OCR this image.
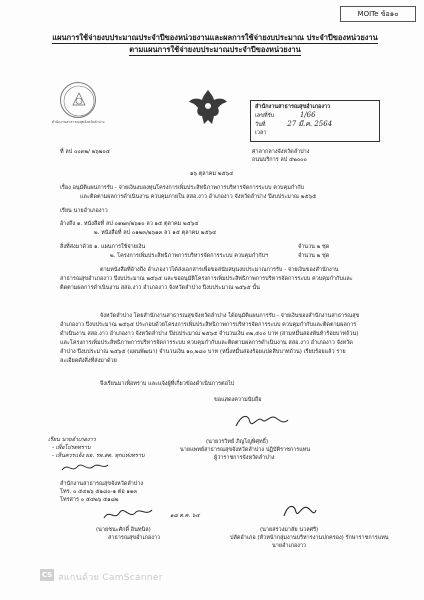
MOITe ข้อ๑๐
แผนการใช้จ่ายงบประมาณประจำปีของหน่วยงานและผลการใช้จ่ายงบประมาณ ประจำปีของหน่วยงาน
ตามแผนการใช้จ่ายงบประมาณประจำปีของหน่วยงาน
สำนักงานสาธารณสุขจังหวัดลำปาง
สำนักงานสาธารณสุขอำเภองาว
เลขที่รับ	1/66
วันที่	27 มี.ค. 2564
เวลา
ที่ ลป ๐๐๓๒/ ๒๖๒๐๔	ศาลากลางจังหวัดลำปาง
ถนนบริการ ลป ๕๒๐๐๐
๑๖ ตุลาคม ๒๕๖๔
เรื่อง อนุมัติแผนการรับ - จ่ายเงินงบลงทุนโครงการเพิ่มประสิทธิภาพการบริหารจัดการระบบ ควบคุมกำกับ
และติดตามผลการดำเนินงาน ควบคุมภายใน สสอ.งาว อำเภองาว จังหวัดลำปาง ปีงบประมาณ ๒๕๖๕
เรียน นายอำเภองาว
อ้างถึง ๑. หนังสือที่ ลป ๐๑๒๓/๒๖๑๐ ลว ๑๕ ตุลาคม ๒๕๖๔
๒. หนังสือที่ ลป ๐๑๒๓/๒๖๑๓ ลว ๑๕ ตุลาคม ๒๕๖๔
สิ่งที่ส่งมาด้วย ๑. แผนการใช้จ่ายเงิน	จำนวน ๒ ชุด
๒. โครงการเพิ่มประสิทธิภาพการบริหารจัดการระบบ ควบคุมกำกับฯ	จำนวน ๒ ชุด
ตามหนังสือที่อ้างถึง อำเภองาวได้ส่งเอกสารเพื่อขอสนับสนุนงบประมาณการรับ - จ่ายเงินของสำนักงานสาธารณสุขอำเภองาว ปีงบประมาณ ๒๕๖๕ และขออนุมัติโครงการเพิ่มประสิทธิภาพการบริหารจัดการระบบ ควบคุมกำกับและติดตามผลการดำเนินงาน สสอ.งาว อำเภองาว จังหวัดลำปาง ปีงบประมาณ ๒๕๖๕ นั้น
จังหวัดลำปาง โดยสำนักงานสาธารณสุขจังหวัดลำปาง ได้อนุมัติแผนการรับ - จ่ายเงินของสำนักงานสาธารณสุขอำเภองาว ปีงบประมาณ ๒๕๖๕ ประกอบด้วยโครงการเพิ่มประสิทธิภาพการบริหารจัดการระบบ ควบคุมกำกับและติดตามผลการดำเนินงาน สสอ.งาว อำเภองาว จังหวัดลำปาง ปีงบประมาณ ๒๕๖๕ จำนวนเงิน ๓๒,๕๐๐ บาท (สามหมื่นสองพันห้าร้อยบาทถ้วน) และโครงการเพิ่มประสิทธิภาพการบริหารจัดการระบบ ควบคุมกำกับและติดตามผลการดำเนินงาน สสอ.งาว อำเภองาว จังหวัดลำปาง ปีงบประมาณ ๒๕๖๕ (แผนพัฒนา) จำนวนเงิน ๑๐,๒๘๐ บาท (หนึ่งหมื่นสองร้อยแปดสิบบาทถ้วน) เรียบร้อยแล้ว รายละเอียดดังสิ่งที่ส่งมาด้วย
จึงเรียนมาเพื่อทราบ และแจ้งผู้ที่เกี่ยวข้องดำเนินการต่อไป
ขอแสดงความนับถือ
(นายวรวิทย์ ภิญโญพิศุทธิ์)
นายแพทย์สาธารณสุขจังหวัดลำปาง ปฏิบัติราชการแทน
ผู้ว่าราชการจังหวัดลำปาง
เรียน นายอำเภองาว
- เพื่อโปรดทราบ
- เห็นควรแจ้ง ผอ. รพ.สต. ทุกแห่งทราบ
สำนักงานสาธารณสุขจังหวัดลำปาง
โทร. ๐ ๕๔๒๖ ๕๑๘๐-๑ ต่อ ๑๑๓
โทรสาร ๐ ๕๔๒๖ ๕๑๘๒
๑๘ ต.ค. ๖๔
(นายชนะศักดิ์ อินทนิล)
สาธารณสุขอำเภองาว
(นายสรวงมาลัย นวลศรี)
ปลัดอำเภอ (หัวหน้ากลุ่มงานบริหารงานปกครอง) รักษาราชการแทน
นายอำเภองาว
CS สแกนด้วย CamScanner
